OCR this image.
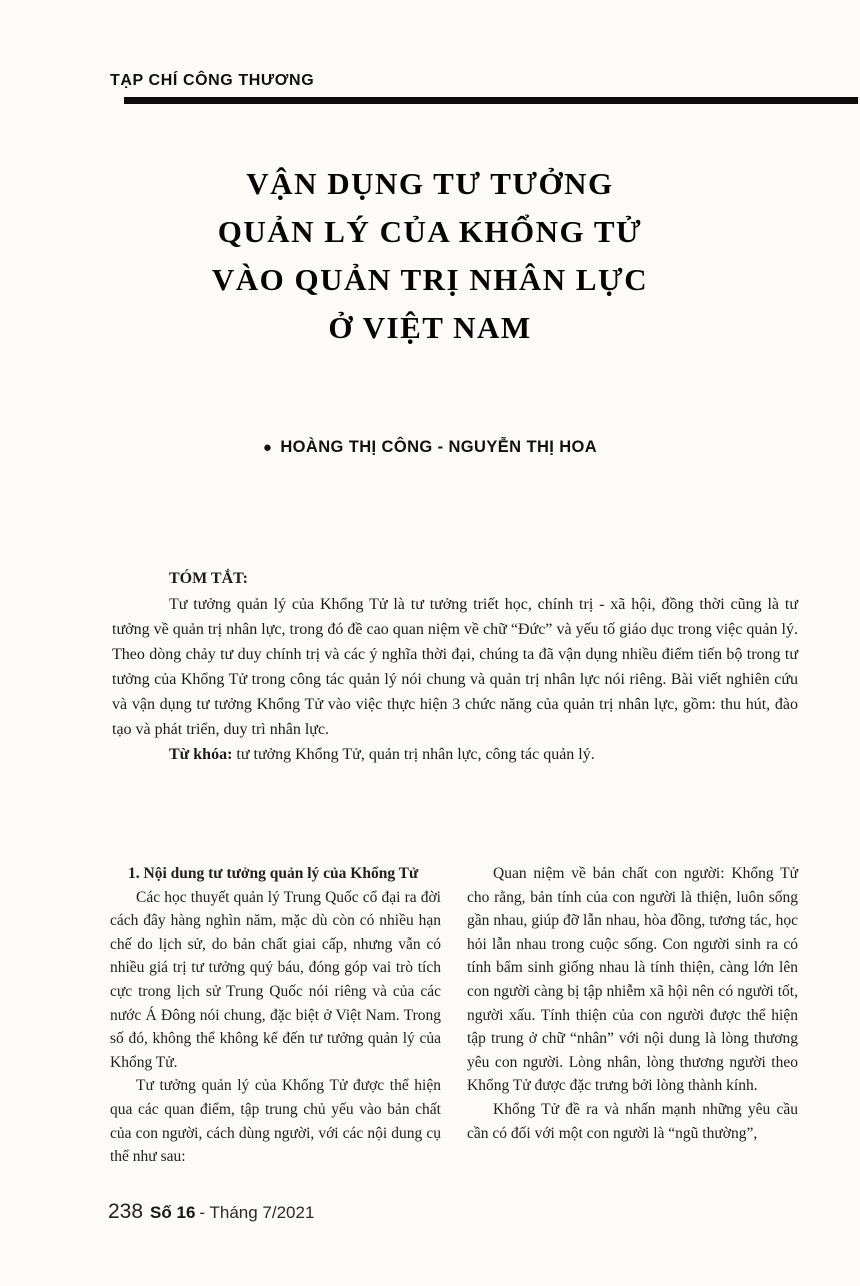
TẠP CHÍ CÔNG THƯƠNG
VẬN DỤNG TƯ TƯỞNG
QUẢN LÝ CỦA KHỔNG TỬ
VÀO QUẢN TRỊ NHÂN LỰC
Ở VIỆT NAM
● HOÀNG THỊ CÔNG - NGUYỄN THỊ HOA
TÓM TẮT:

Tư tưởng quản lý của Khổng Tử là tư tưởng triết học, chính trị - xã hội, đồng thời cũng là tư tưởng về quản trị nhân lực, trong đó đề cao quan niệm về chữ “Đức” và yếu tố giáo dục trong việc quản lý. Theo dòng chảy tư duy chính trị và các ý nghĩa thời đại, chúng ta đã vận dụng nhiều điểm tiến bộ trong tư tưởng của Khổng Tử trong công tác quản lý nói chung và quản trị nhân lực nói riêng. Bài viết nghiên cứu và vận dụng tư tưởng Khổng Tử vào việc thực hiện 3 chức năng của quản trị nhân lực, gồm: thu hút, đào tạo và phát triển, duy trì nhân lực.

Từ khóa: tư tưởng Khổng Tử, quản trị nhân lực, công tác quản lý.

1. Nội dung tư tưởng quản lý của Khổng Tử

Các học thuyết quản lý Trung Quốc cổ đại ra đời cách đây hàng nghìn năm, mặc dù còn có nhiều hạn chế do lịch sử, do bản chất giai cấp, nhưng vẫn có nhiều giá trị tư tưởng quý báu, đóng góp vai trò tích cực trong lịch sử Trung Quốc nói riêng và của các nước Á Đông nói chung, đặc biệt ở Việt Nam. Trong số đó, không thể không kể đến tư tưởng quản lý của Khổng Tử.

Tư tưởng quản lý của Khổng Tử được thể hiện qua các quan điểm, tập trung chủ yếu vào bản chất của con người, cách dùng người, với các nội dung cụ thể như sau:

Quan niệm về bản chất con người: Khổng Tử cho rằng, bản tính của con người là thiện, luôn sống gần nhau, giúp đỡ lẫn nhau, hòa đồng, tương tác, học hỏi lẫn nhau trong cuộc sống. Con người sinh ra có tính bẩm sinh giống nhau là tính thiện, càng lớn lên con người càng bị tập nhiễm xã hội nên có người tốt, người xấu. Tính thiện của con người được thể hiện tập trung ở chữ “nhân” với nội dung là lòng thương yêu con người. Lòng nhân, lòng thương người theo Khổng Tử được đặc trưng bởi lòng thành kính.

Khổng Tử đề ra và nhấn mạnh những yêu cầu cần có đối với một con người là “ngũ thường”,

238 Số 16 - Tháng 7/2021
